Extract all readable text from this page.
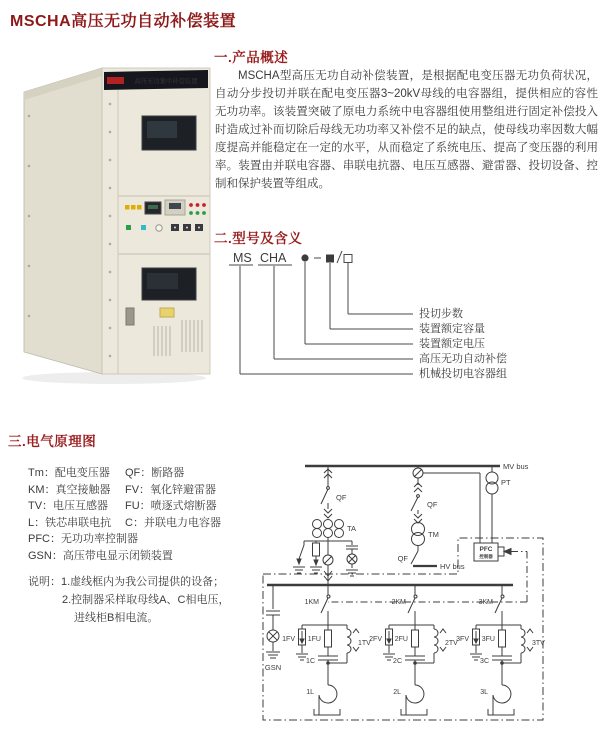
MSCHA高压无功自动补偿装置
高压无功集中补偿装置
一.产品概述
MSCHA型高压无功自动补偿装置，是根据配电变压器无功负荷状况，自动分步投切并联在配电变压器3~20kV母线的电容器组，提供相应的容性无功功率。该装置突破了原电力系统中电容器组使用整组进行固定补偿投入时造成过补而切除后母线无功功率又补偿不足的缺点，使母线功率因数大幅度提高并能稳定在一定的水平，从而稳定了系统电压、提高了变压器的利用率。装置由并联电容器、串联电抗器、电压互感器、避雷器、投切设备、控制和保护装置等组成。
二.型号及含义
MS CHA
投切步数
装置额定容量
装置额定电压
高压无功自动补偿
机械投切电容器组
三.电气原理图
Tm：配电变压器 QF：断路器
KM：真空接触器 FV：氧化锌避雷器
TV：电压互感器 FU：喷逐式熔断器
L：铁芯串联电抗 C：并联电力电容器
PFC：无功功率控制器
GSN：高压带电显示闭锁装置
说明：1.虚线框内为我公司提供的设备；
2.控制器采样取母线A、C相电压，
进线柜B相电流。
MV bus
QF
TA
QF
TM
QF
HV bus
PT
PFC
控制器
GSN
1KM
1FV 1FU
1C
1TV
1L
2KM
2FV 2FU
2C
2TV
2L
3KM
3FV 3FU
3C
3TV
3L
